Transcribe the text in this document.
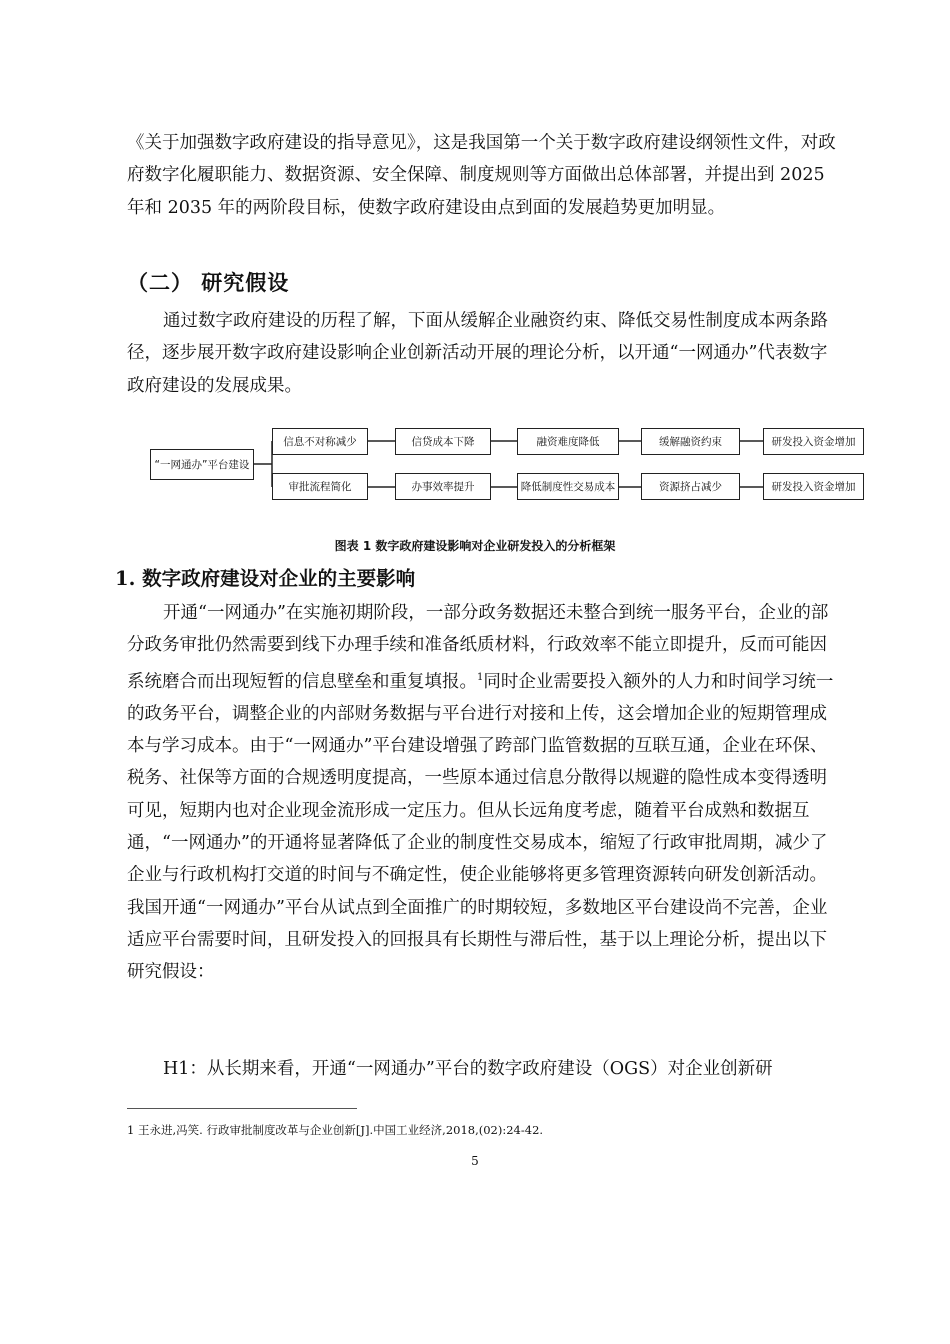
《关于加强数字政府建设的指导意见》，这是我国第一个关于数字政府建设纲领性文件，对政府数字化履职能力、数据资源、安全保障、制度规则等方面做出总体部署，并提出到 2025 年和 2035 年的两阶段目标，使数字政府建设由点到面的发展趋势更加明显。

（二） 研究假设

通过数字政府建设的历程了解，下面从缓解企业融资约束、降低交易性制度成本两条路径，逐步展开数字政府建设影响企业创新活动开展的理论分析，以开通“一网通办”代表数字政府建设的发展成果。

“一网通办”平台建设
信息不对称减少	信贷成本下降	融资难度降低	缓解融资约束	研发投入资金增加
审批流程简化	办事效率提升	降低制度性交易成本	资源挤占减少	研发投入资金增加

图表 1 数字政府建设影响对企业研发投入的分析框架

1. 数字政府建设对企业的主要影响

开通“一网通办”在实施初期阶段，一部分政务数据还未整合到统一服务平台，企业的部分政务审批仍然需要到线下办理手续和准备纸质材料，行政效率不能立即提升，反而可能因系统磨合而出现短暂的信息壁垒和重复填报。$^1$同时企业需要投入额外的人力和时间学习统一的政务平台，调整企业的内部财务数据与平台进行对接和上传，这会增加企业的短期管理成本与学习成本。由于“一网通办”平台建设增强了跨部门监管数据的互联互通，企业在环保、税务、社保等方面的合规透明度提高，一些原本通过信息分散得以规避的隐性成本变得透明可见，短期内也对企业现金流形成一定压力。但从长远角度考虑，随着平台成熟和数据互通，“一网通办”的开通将显著降低了企业的制度性交易成本，缩短了行政审批周期，减少了企业与行政机构打交道的时间与不确定性，使企业能够将更多管理资源转向研发创新活动。我国开通“一网通办”平台从试点到全面推广的时期较短，多数地区平台建设尚不完善，企业适应平台需要时间，且研发投入的回报具有长期性与滞后性，基于以上理论分析，提出以下研究假设：

H1：从长期来看，开通“一网通办”平台的数字政府建设（OGS）对企业创新研

1 王永进,冯笑. 行政审批制度改革与企业创新[J].中国工业经济,2018,(02):24-42.

5
